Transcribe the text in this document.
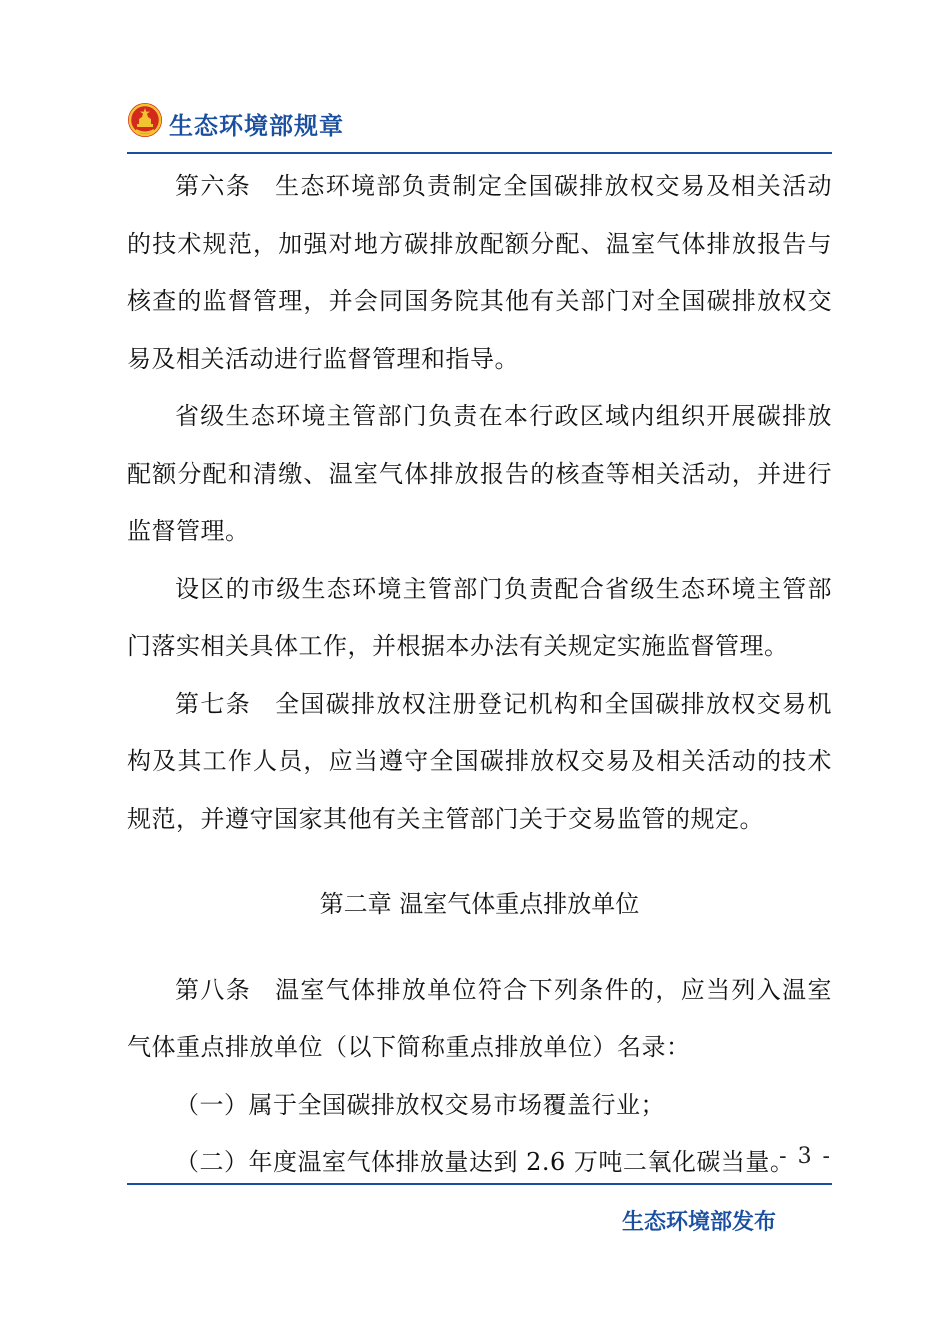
生态环境部规章

第六条 生态环境部负责制定全国碳排放权交易及相关活动的技术规范，加强对地方碳排放配额分配、温室气体排放报告与核查的监督管理，并会同国务院其他有关部门对全国碳排放权交易及相关活动进行监督管理和指导。

省级生态环境主管部门负责在本行政区域内组织开展碳排放配额分配和清缴、温室气体排放报告的核查等相关活动，并进行监督管理。

设区的市级生态环境主管部门负责配合省级生态环境主管部门落实相关具体工作，并根据本办法有关规定实施监督管理。

第七条 全国碳排放权注册登记机构和全国碳排放权交易机构及其工作人员，应当遵守全国碳排放权交易及相关活动的技术规范，并遵守国家其他有关主管部门关于交易监管的规定。

第二章 温室气体重点排放单位

第八条 温室气体排放单位符合下列条件的，应当列入温室气体重点排放单位（以下简称重点排放单位）名录：

（一）属于全国碳排放权交易市场覆盖行业；

（二）年度温室气体排放量达到 2.6 万吨二氧化碳当量。

- 3 -
生态环境部发布
